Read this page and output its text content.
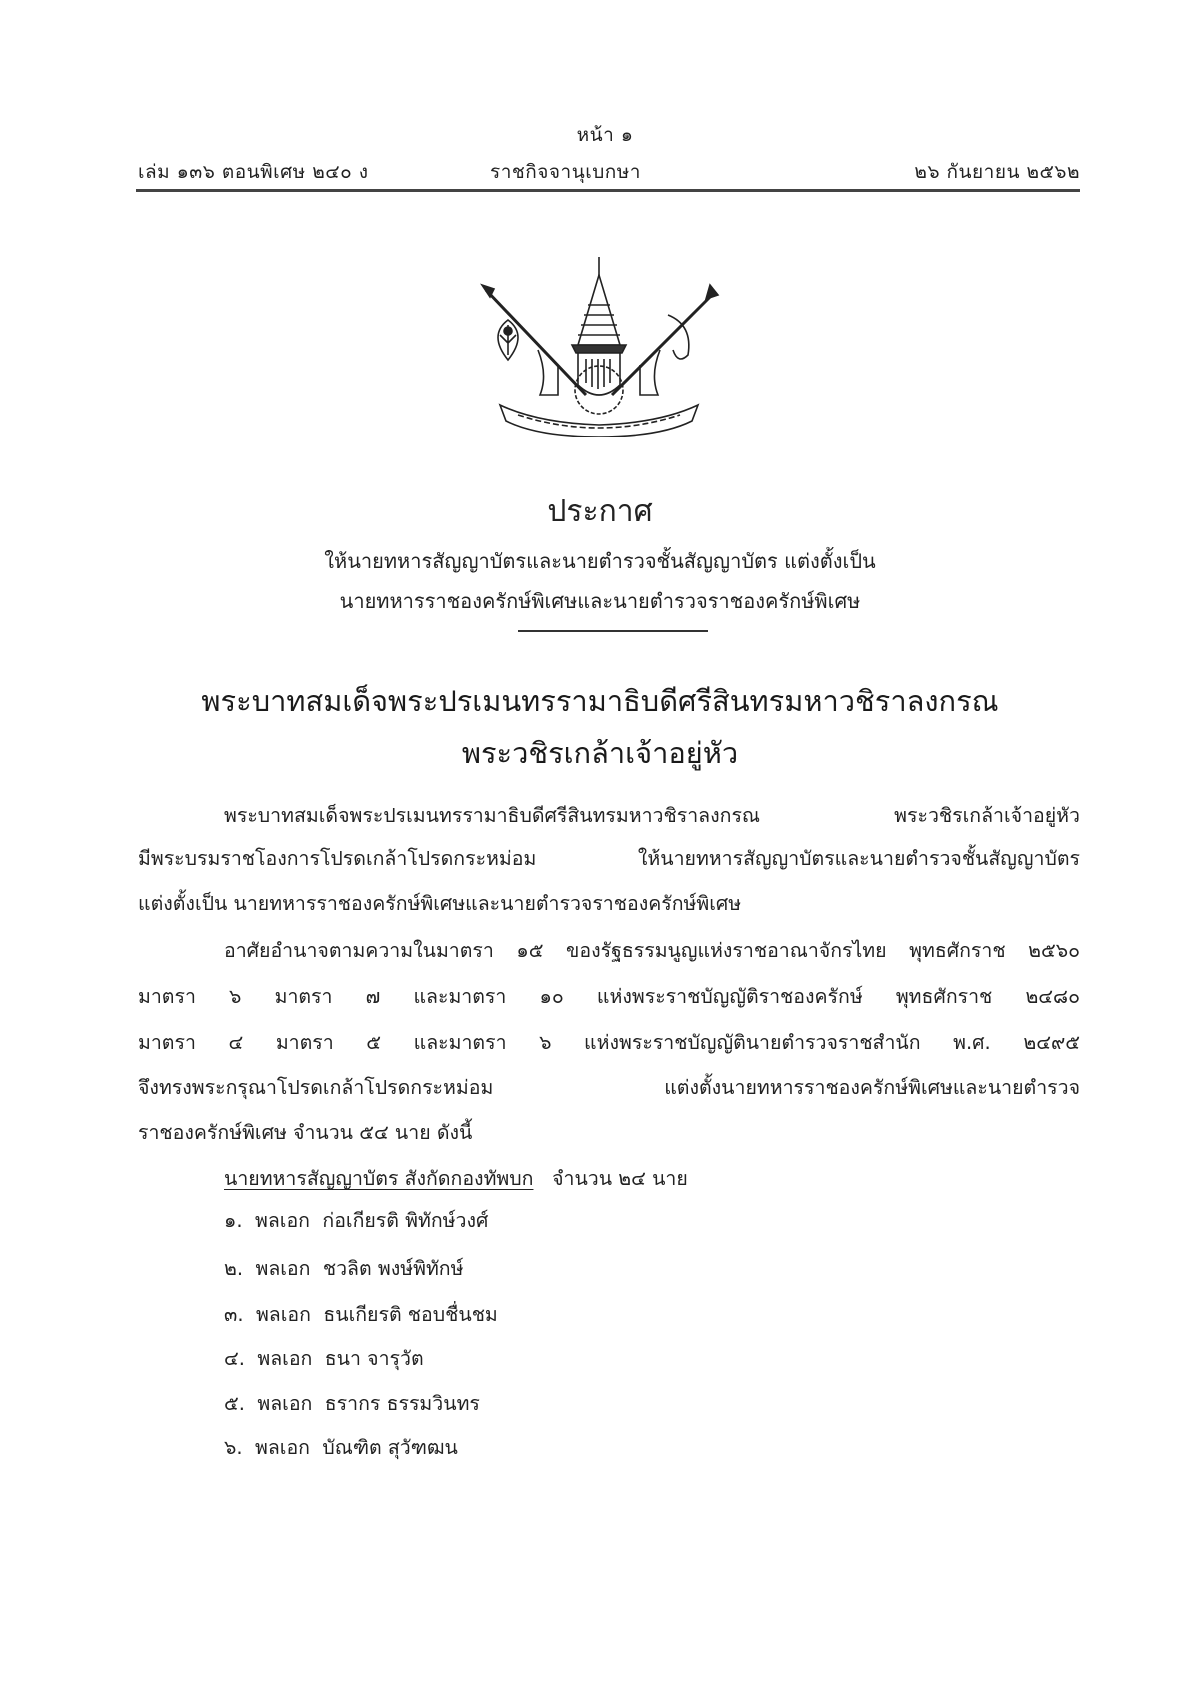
หน้า ๑
เล่ม ๑๓๖ ตอนพิเศษ ๒๔๐ ง	ราชกิจจานุเบกษา	๒๖ กันยายน ๒๕๖๒
ประกาศ
ให้นายทหารสัญญาบัตรและนายตำรวจชั้นสัญญาบัตร แต่งตั้งเป็น
นายทหารราชองครักษ์พิเศษและนายตำรวจราชองครักษ์พิเศษ
พระบาทสมเด็จพระปรเมนทรรามาธิบดีศรีสินทรมหาวชิราลงกรณ
พระวชิรเกล้าเจ้าอยู่หัว
พระบาทสมเด็จพระปรเมนทรรามาธิบดีศรีสินทรมหาวชิราลงกรณ พระวชิรเกล้าเจ้าอยู่หัว
มีพระบรมราชโองการโปรดเกล้าโปรดกระหม่อม ให้นายทหารสัญญาบัตรและนายตำรวจชั้นสัญญาบัตร
แต่งตั้งเป็น นายทหารราชองครักษ์พิเศษและนายตำรวจราชองครักษ์พิเศษ
อาศัยอำนาจตามความในมาตรา ๑๕ ของรัฐธรรมนูญแห่งราชอาณาจักรไทย พุทธศักราช ๒๕๖๐
มาตรา ๖ มาตรา ๗ และมาตรา ๑๐ แห่งพระราชบัญญัติราชองครักษ์ พุทธศักราช ๒๔๘๐
มาตรา ๔ มาตรา ๕ และมาตรา ๖ แห่งพระราชบัญญัตินายตำรวจราชสำนัก พ.ศ. ๒๔๙๕
จึงทรงพระกรุณาโปรดเกล้าโปรดกระหม่อม แต่งตั้งนายทหารราชองครักษ์พิเศษและนายตำรวจ
ราชองครักษ์พิเศษ จำนวน ๕๔ นาย ดังนี้
นายทหารสัญญาบัตร สังกัดกองทัพบก จำนวน ๒๔ นาย
๑. พลเอก ก่อเกียรติ พิทักษ์วงศ์
๒. พลเอก ชวลิต พงษ์พิทักษ์
๓. พลเอก ธนเกียรติ ชอบชื่นชม
๔. พลเอก ธนา จารุวัต
๕. พลเอก ธรากร ธรรมวินทร
๖. พลเอก บัณฑิต สุวัฑฒน
